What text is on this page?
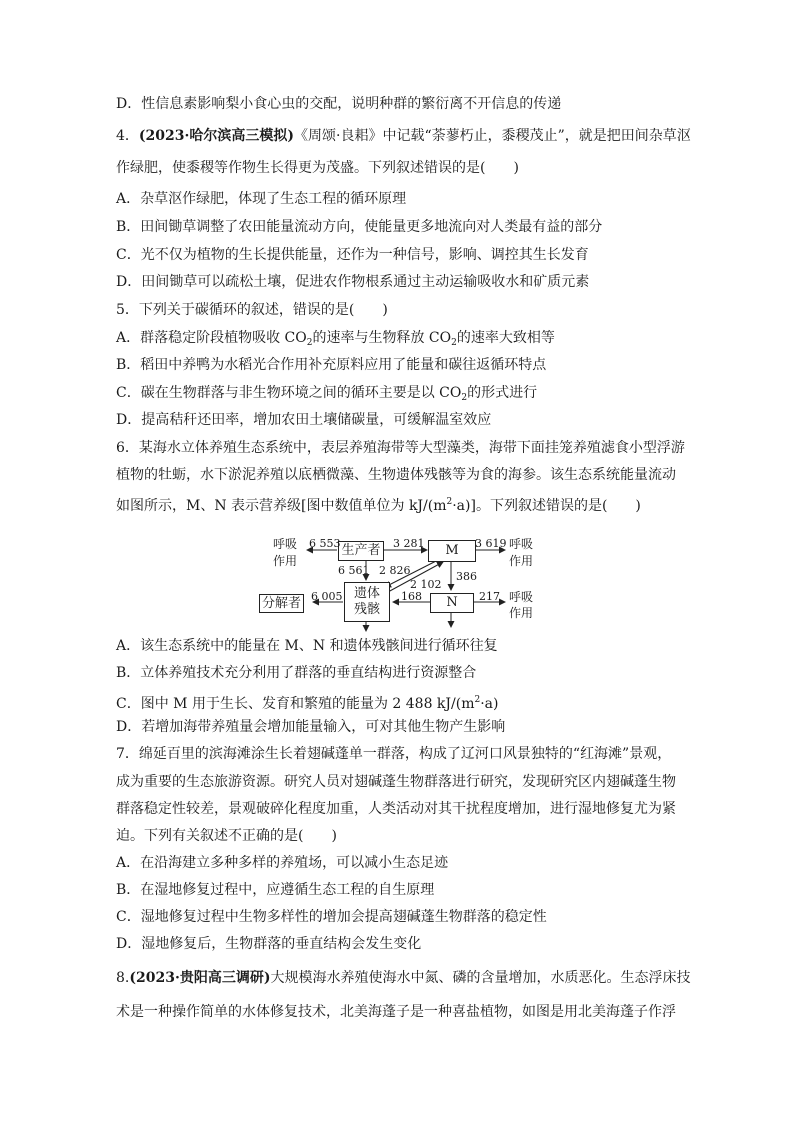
D．性信息素影响梨小食心虫的交配，说明种群的繁衍离不开信息的传递
4．(2023·哈尔滨高三模拟)《周颂·良耜》中记载“荼蓼朽止，黍稷茂止”，就是把田间杂草沤
作绿肥，使黍稷等作物生长得更为茂盛。下列叙述错误的是(　　)
A．杂草沤作绿肥，体现了生态工程的循环原理
B．田间锄草调整了农田能量流动方向，使能量更多地流向对人类最有益的部分
C．光不仅为植物的生长提供能量，还作为一种信号，影响、调控其生长发育
D．田间锄草可以疏松土壤，促进农作物根系通过主动运输吸收水和矿质元素
5．下列关于碳循环的叙述，错误的是(　　)
A．群落稳定阶段植物吸收 $CO_2$的速率与生物释放 $CO_2$的速率大致相等
B．稻田中养鸭为水稻光合作用补充原料应用了能量和碳往返循环特点
C．碳在生物群落与非生物环境之间的循环主要是以 $CO_2$的形式进行
D．提高秸秆还田率，增加农田土壤储碳量，可缓解温室效应
6．某海水立体养殖生态系统中，表层养殖海带等大型藻类，海带下面挂笼养殖滤食小型浮游
植物的牡蛎，水下淤泥养殖以底栖微藻、生物遗体残骸等为食的海参。该生态系统能量流动
如图所示，M、N 表示营养级[图中数值单位为 $kJ/(m^2\cdot a)$]。下列叙述错误的是(　　)
呼吸
作用
生产者	M	呼吸
作用
6 553	3 281	3 619
6 561 2 826
2 102
386
分解者 6 005 遗体
残骸
168 N 217 呼吸
作用
A．该生态系统中的能量在 M、N 和遗体残骸间进行循环往复
B．立体养殖技术充分利用了群落的垂直结构进行资源整合
C．图中 M 用于生长、发育和繁殖的能量为 2 488 $kJ/(m^2\cdot a)$
D．若增加海带养殖量会增加能量输入，可对其他生物产生影响
7．绵延百里的滨海滩涂生长着翅碱蓬单一群落，构成了辽河口风景独特的“红海滩”景观，
成为重要的生态旅游资源。研究人员对翅碱蓬生物群落进行研究，发现研究区内翅碱蓬生物
群落稳定性较差，景观破碎化程度加重，人类活动对其干扰程度增加，进行湿地修复尤为紧
迫。下列有关叙述不正确的是(　　)
A．在沿海建立多种多样的养殖场，可以减小生态足迹
B．在湿地修复过程中，应遵循生态工程的自生原理
C．湿地修复过程中生物多样性的增加会提高翅碱蓬生物群落的稳定性
D．湿地修复后，生物群落的垂直结构会发生变化
8.(2023·贵阳高三调研)大规模海水养殖使海水中氮、磷的含量增加，水质恶化。生态浮床技
术是一种操作简单的水体修复技术，北美海蓬子是一种喜盐植物，如图是用北美海蓬子作浮
